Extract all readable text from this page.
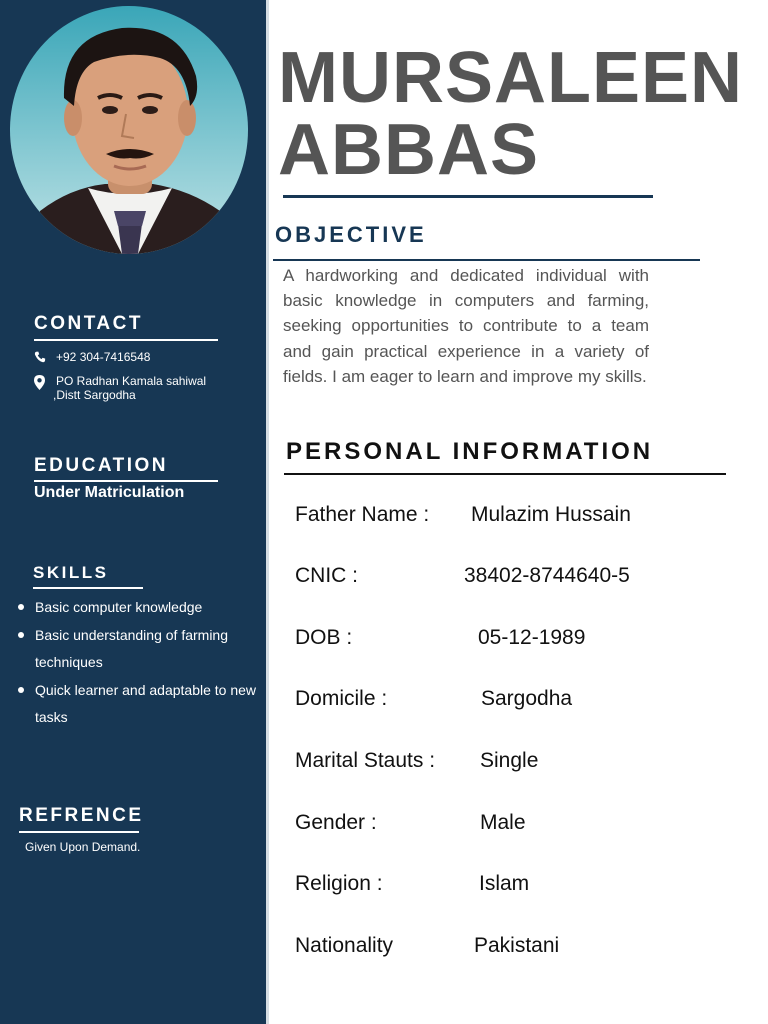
CONTACT
+92 304-7416548
PO Radhan Kamala sahiwal
,Distt Sargodha
EDUCATION
Under Matriculation
SKILLS
Basic computer knowledge
Basic understanding of farming techniques
Quick learner and adaptable to new tasks
REFRENCE
Given Upon Demand.
MURSALEEN
ABBAS
OBJECTIVE

A hardworking and dedicated individual with basic knowledge in computers and farming, seeking opportunities to contribute to a team and gain practical experience in a variety of fields. I am eager to learn and improve my skills.

PERSONAL INFORMATION
Father Name : Mulazim Hussain
CNIC :	38402-8744640-5
DOB :	05-12-1989
Domicile :	Sargodha
Marital Stauts : Single
Gender :	Male
Religion :	Islam
Nationality	Pakistani
